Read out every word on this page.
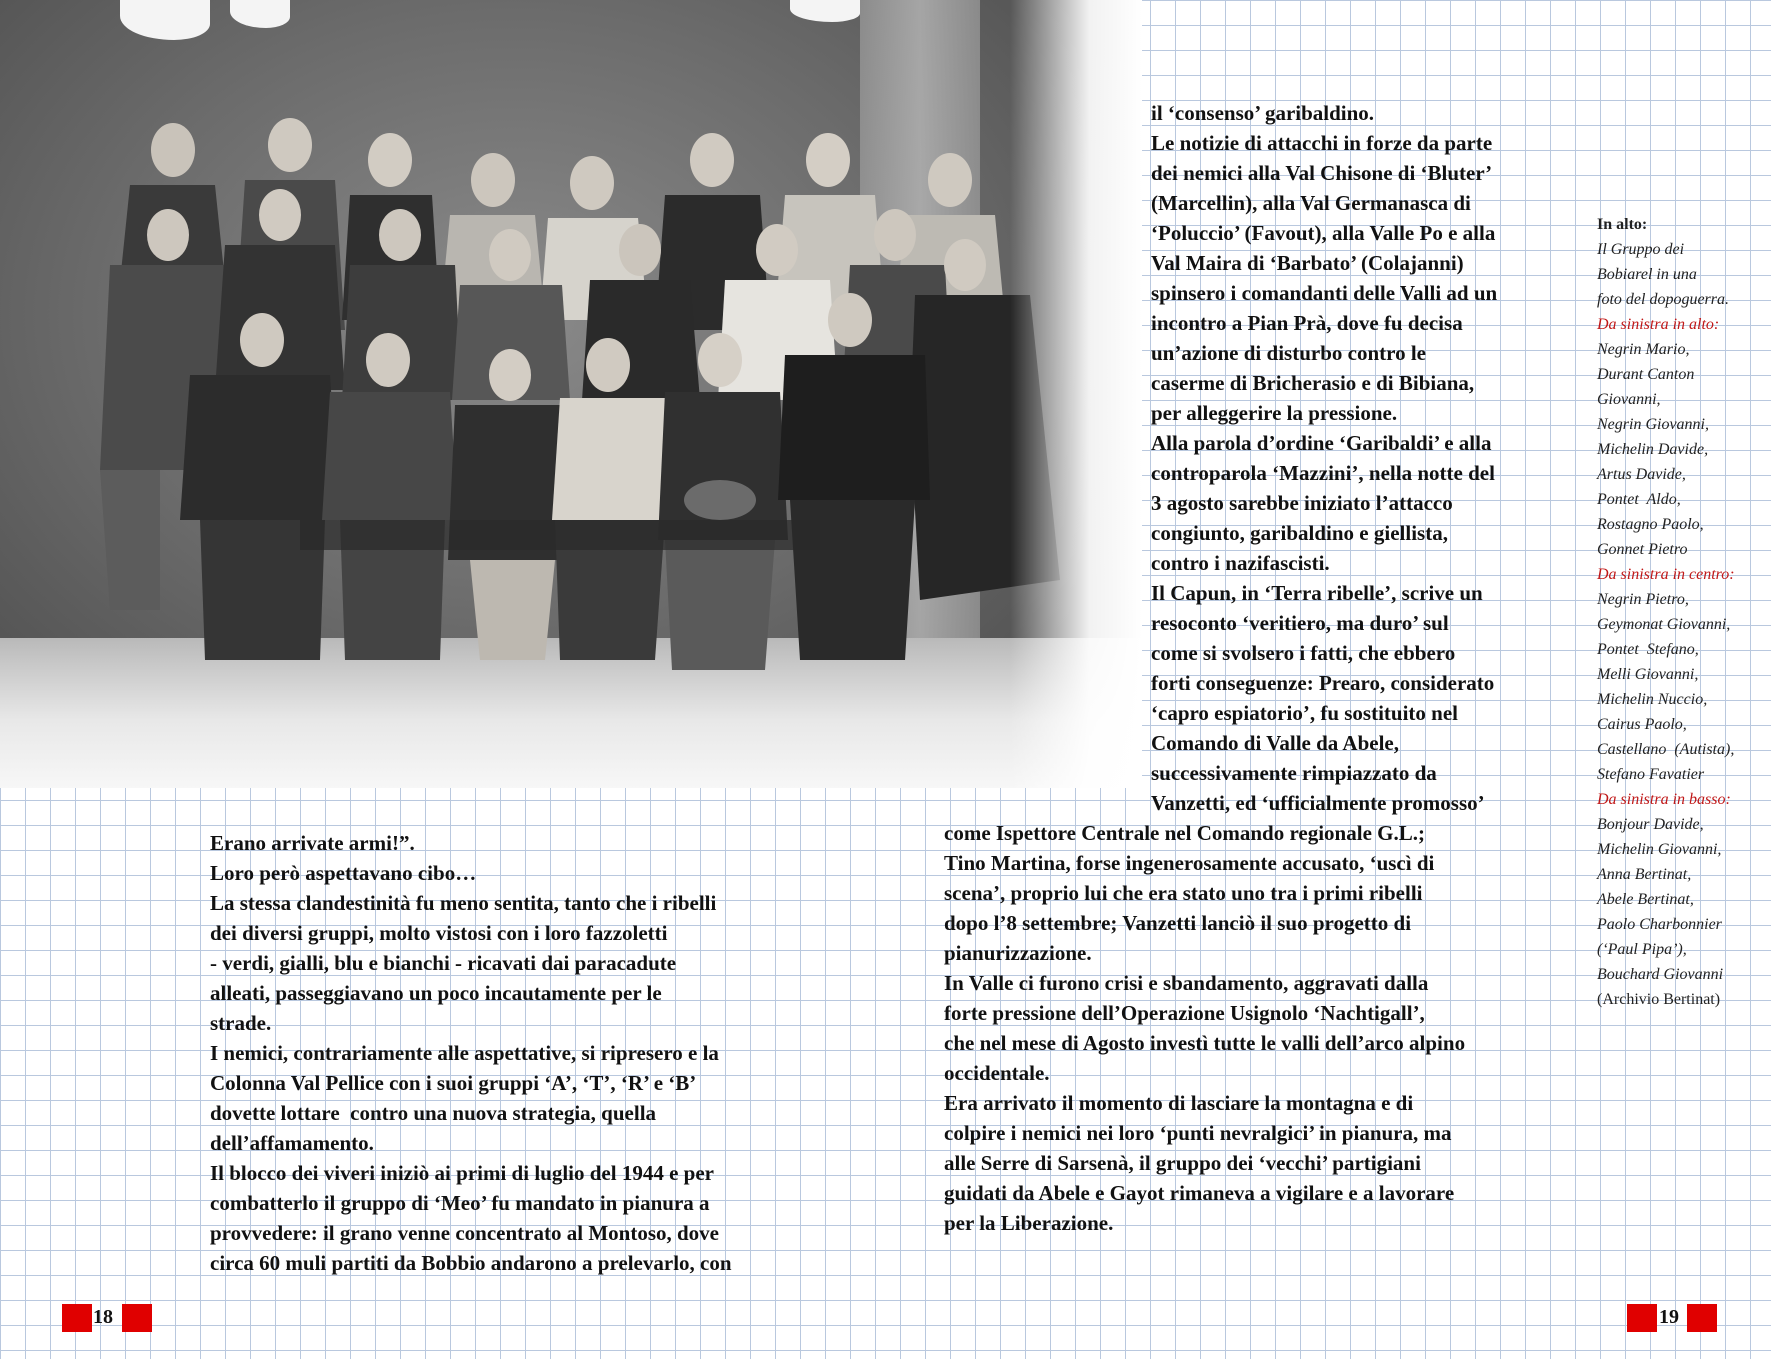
Erano arrivate armi!”.
Loro però aspettavano cibo…
La stessa clandestinità fu meno sentita, tanto che i ribelli
dei diversi gruppi, molto vistosi con i loro fazzoletti
- verdi, gialli, blu e bianchi - ricavati dai paracadute
alleati, passeggiavano un poco incautamente per le
strade.
I nemici, contrariamente alle aspettative, si ripresero e la
Colonna Val Pellice con i suoi gruppi ‘A’, ‘T’, ‘R’ e ‘B’
dovette lottare  contro una nuova strategia, quella
dell’affamamento.
Il blocco dei viveri iniziò ai primi di luglio del 1944 e per
combatterlo il gruppo di ‘Meo’ fu mandato in pianura a
provvedere: il grano venne concentrato al Montoso, dove
circa 60 muli partiti da Bobbio andarono a prelevarlo, con
il ‘consenso’ garibaldino.
Le notizie di attacchi in forze da parte
dei nemici alla Val Chisone di ‘Bluter’
(Marcellin), alla Val Germanasca di
‘Poluccio’ (Favout), alla Valle Po e alla
Val Maira di ‘Barbato’ (Colajanni)
spinsero i comandanti delle Valli ad un
incontro a Pian Prà, dove fu decisa
un’azione di disturbo contro le
caserme di Bricherasio e di Bibiana,
per alleggerire la pressione.
Alla parola d’ordine ‘Garibaldi’ e alla
controparola ‘Mazzini’, nella notte del
3 agosto sarebbe iniziato l’attacco
congiunto, garibaldino e giellista,
contro i nazifascisti.
Il Capun, in ‘Terra ribelle’, scrive un
resoconto ‘veritiero, ma duro’ sul
come si svolsero i fatti, che ebbero
forti conseguenze: Prearo, considerato
‘capro espiatorio’, fu sostituito nel
Comando di Valle da Abele,
successivamente rimpiazzato da
Vanzetti, ed ‘ufficialmente promosso’
come Ispettore Centrale nel Comando regionale G.L.;
Tino Martina, forse ingenerosamente accusato, ‘uscì di
scena’, proprio lui che era stato uno tra i primi ribelli
dopo l’8 settembre; Vanzetti lanciò il suo progetto di
pianurizzazione.
In Valle ci furono crisi e sbandamento, aggravati dalla
forte pressione dell’Operazione Usignolo ‘Nachtigall’,
che nel mese di Agosto investì tutte le valli dell’arco alpino
occidentale.
Era arrivato il momento di lasciare la montagna e di
colpire i nemici nei loro ‘punti nevralgici’ in pianura, ma
alle Serre di Sarsenà, il gruppo dei ‘vecchi’ partigiani
guidati da Abele e Gayot rimaneva a vigilare e a lavorare
per la Liberazione.
In alto:
Il Gruppo dei
Bobiarel in una
foto del dopoguerra.
Da sinistra in alto:
Negrin Mario,
Durant Canton
Giovanni,
Negrin Giovanni,
Michelin Davide,
Artus Davide,
Pontet  Aldo,
Rostagno Paolo,
Gonnet Pietro
Da sinistra in centro:
Negrin Pietro,
Geymonat Giovanni,
Pontet  Stefano,
Melli Giovanni,
Michelin Nuccio,
Cairus Paolo,
Castellano  (Autista),
Stefano Favatier
Da sinistra in basso:
Bonjour Davide,
Michelin Giovanni,
Anna Bertinat,
Abele Bertinat,
Paolo Charbonnier
(‘Paul Pipa’),
Bouchard Giovanni
(Archivio Bertinat)
18	19
